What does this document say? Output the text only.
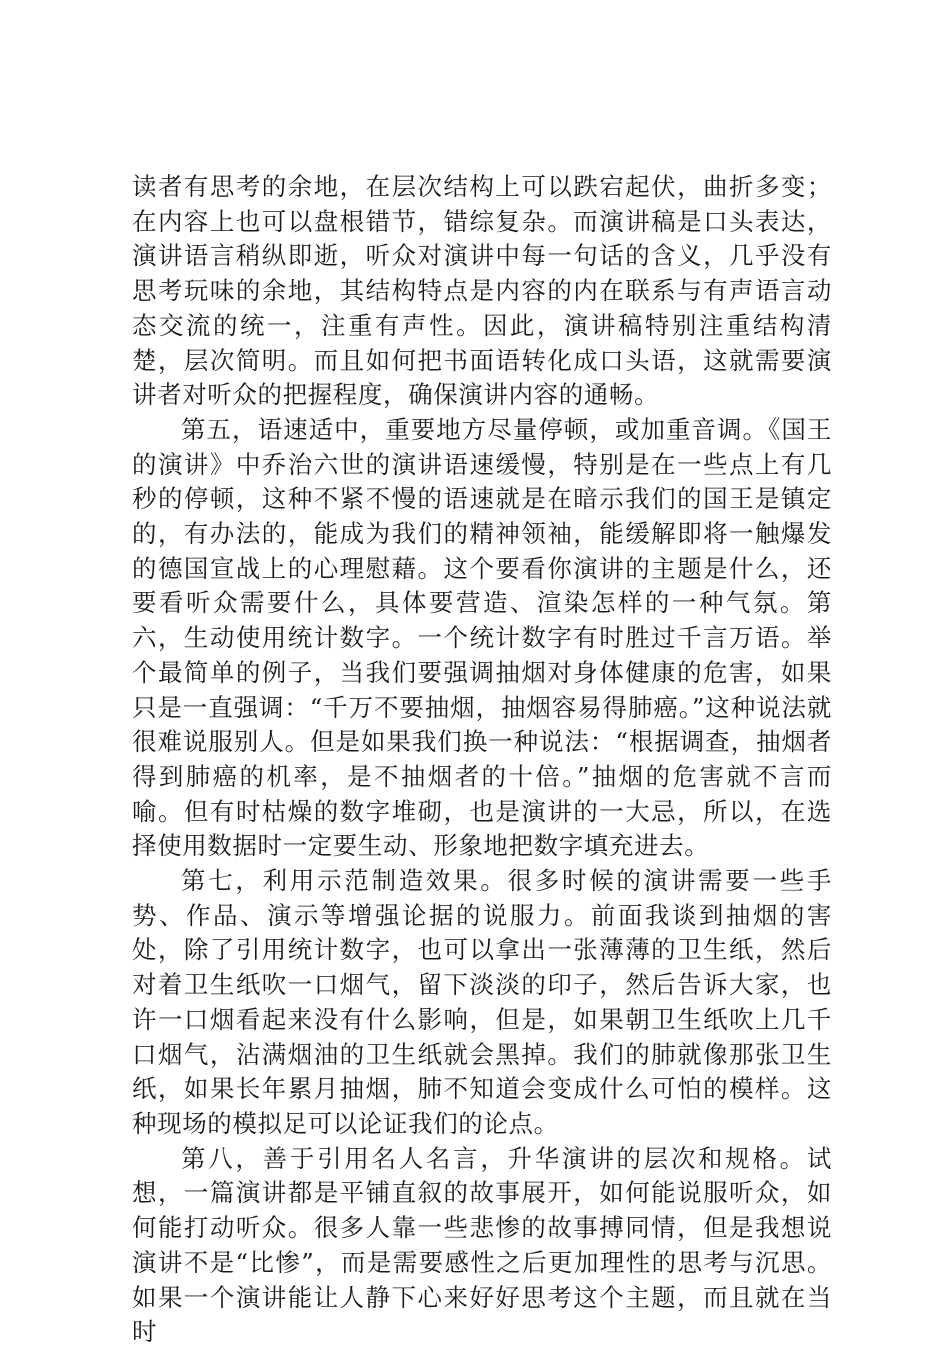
读者有思考的余地，在层次结构上可以跌宕起伏，曲折多变；在内容上也可以盘根错节，错综复杂。而演讲稿是口头表达，演讲语言稍纵即逝，听众对演讲中每一句话的含义，几乎没有思考玩味的余地，其结构特点是内容的内在联系与有声语言动态交流的统一，注重有声性。因此，演讲稿特别注重结构清楚，层次简明。而且如何把书面语转化成口头语，这就需要演讲者对听众的把握程度，确保演讲内容的通畅。

第五，语速适中，重要地方尽量停顿，或加重音调。《国王的演讲》中乔治六世的演讲语速缓慢，特别是在一些点上有几秒的停顿，这种不紧不慢的语速就是在暗示我们的国王是镇定的，有办法的，能成为我们的精神领袖，能缓解即将一触爆发的德国宣战上的心理慰藉。这个要看你演讲的主题是什么，还要看听众需要什么，具体要营造、渲染怎样的一种气氛。第六，生动使用统计数字。一个统计数字有时胜过千言万语。举个最简单的例子，当我们要强调抽烟对身体健康的危害，如果只是一直强调：“千万不要抽烟，抽烟容易得肺癌。”这种说法就很难说服别人。但是如果我们换一种说法：“根据调查，抽烟者得到肺癌的机率，是不抽烟者的十倍。”抽烟的危害就不言而喻。但有时枯燥的数字堆砌，也是演讲的一大忌，所以，在选择使用数据时一定要生动、形象地把数字填充进去。

第七，利用示范制造效果。很多时候的演讲需要一些手势、作品、演示等增强论据的说服力。前面我谈到抽烟的害处，除了引用统计数字，也可以拿出一张薄薄的卫生纸，然后对着卫生纸吹一口烟气，留下淡淡的印子，然后告诉大家，也许一口烟看起来没有什么影响，但是，如果朝卫生纸吹上几千口烟气，沾满烟油的卫生纸就会黑掉。我们的肺就像那张卫生纸，如果长年累月抽烟，肺不知道会变成什么可怕的模样。这种现场的模拟足可以论证我们的论点。

第八，善于引用名人名言，升华演讲的层次和规格。试想，一篇演讲都是平铺直叙的故事展开，如何能说服听众，如何能打动听众。很多人靠一些悲惨的故事搏同情，但是我想说演讲不是“比惨”，而是需要感性之后更加理性的思考与沉思。如果一个演讲能让人静下心来好好思考这个主题，而且就在当时
